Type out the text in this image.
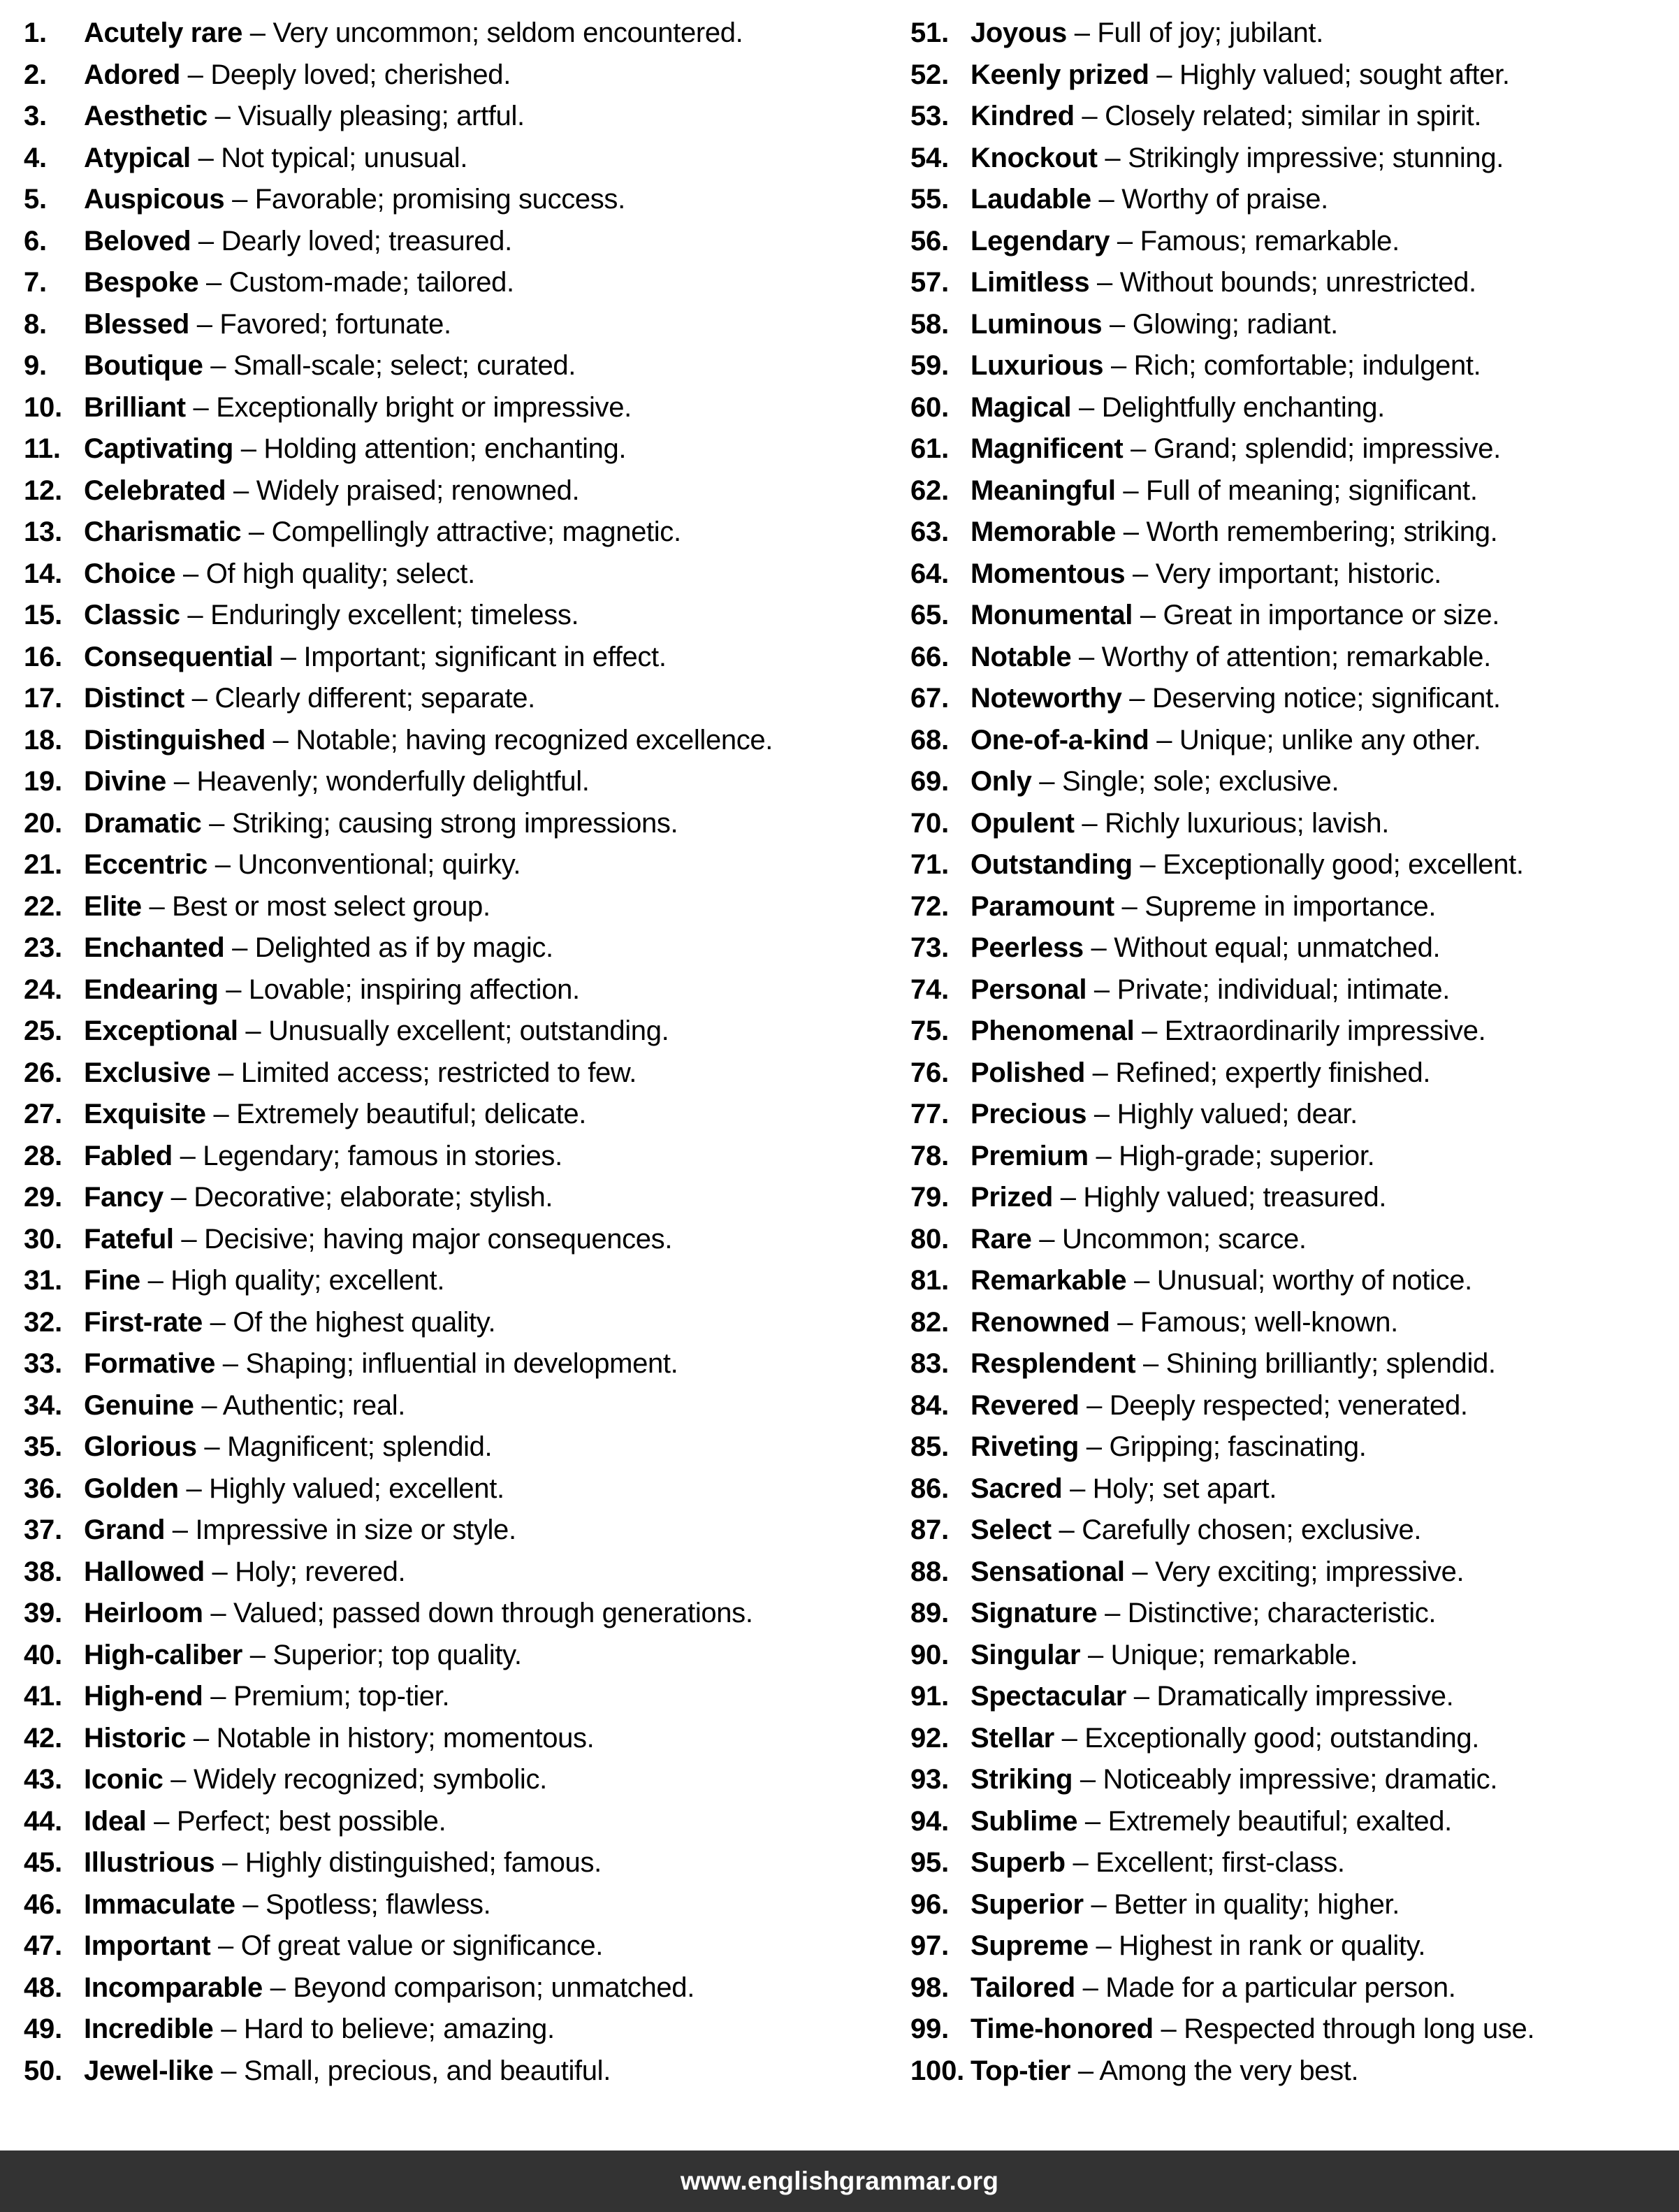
1.	Acutely rare – Very uncommon; seldom encountered.
2.	Adored – Deeply loved; cherished.
3.	Aesthetic – Visually pleasing; artful.
4.	Atypical – Not typical; unusual.
5.	Auspicous – Favorable; promising success.
6.	Beloved – Dearly loved; treasured.
7.	Bespoke – Custom-made; tailored.
8.	Blessed – Favored; fortunate.
9.	Boutique – Small-scale; select; curated.
10. Brilliant – Exceptionally bright or impressive.
11. Captivating – Holding attention; enchanting.
12. Celebrated – Widely praised; renowned.
13. Charismatic – Compellingly attractive; magnetic.
14. Choice – Of high quality; select.
15. Classic – Enduringly excellent; timeless.
16. Consequential – Important; significant in effect.
17. Distinct – Clearly different; separate.
18. Distinguished – Notable; having recognized excellence.
19. Divine – Heavenly; wonderfully delightful.
20. Dramatic – Striking; causing strong impressions.
21. Eccentric – Unconventional; quirky.
22. Elite – Best or most select group.
23. Enchanted – Delighted as if by magic.
24. Endearing – Lovable; inspiring affection.
25. Exceptional – Unusually excellent; outstanding.
26. Exclusive – Limited access; restricted to few.
27. Exquisite – Extremely beautiful; delicate.
28. Fabled – Legendary; famous in stories.
29. Fancy – Decorative; elaborate; stylish.
30. Fateful – Decisive; having major consequences.
31. Fine – High quality; excellent.
32. First-rate – Of the highest quality.
33. Formative – Shaping; influential in development.
34. Genuine – Authentic; real.
35. Glorious – Magnificent; splendid.
36. Golden – Highly valued; excellent.
37. Grand – Impressive in size or style.
38. Hallowed – Holy; revered.
39. Heirloom – Valued; passed down through generations.
40. High-caliber – Superior; top quality.
41. High-end – Premium; top-tier.
42. Historic – Notable in history; momentous.
43. Iconic – Widely recognized; symbolic.
44. Ideal – Perfect; best possible.
45. Illustrious – Highly distinguished; famous.
46. Immaculate – Spotless; flawless.
47. Important – Of great value or significance.
48. Incomparable – Beyond comparison; unmatched.
49. Incredible – Hard to believe; amazing.
50. Jewel-like – Small, precious, and beautiful.
51. Joyous – Full of joy; jubilant.
52. Keenly prized – Highly valued; sought after.
53. Kindred – Closely related; similar in spirit.
54. Knockout – Strikingly impressive; stunning.
55. Laudable – Worthy of praise.
56. Legendary – Famous; remarkable.
57. Limitless – Without bounds; unrestricted.
58. Luminous – Glowing; radiant.
59. Luxurious – Rich; comfortable; indulgent.
60. Magical – Delightfully enchanting.
61. Magnificent – Grand; splendid; impressive.
62. Meaningful – Full of meaning; significant.
63. Memorable – Worth remembering; striking.
64. Momentous – Very important; historic.
65. Monumental – Great in importance or size.
66. Notable – Worthy of attention; remarkable.
67. Noteworthy – Deserving notice; significant.
68. One-of-a-kind – Unique; unlike any other.
69. Only – Single; sole; exclusive.
70. Opulent – Richly luxurious; lavish.
71. Outstanding – Exceptionally good; excellent.
72. Paramount – Supreme in importance.
73. Peerless – Without equal; unmatched.
74. Personal – Private; individual; intimate.
75. Phenomenal – Extraordinarily impressive.
76. Polished – Refined; expertly finished.
77. Precious – Highly valued; dear.
78. Premium – High-grade; superior.
79. Prized – Highly valued; treasured.
80. Rare – Uncommon; scarce.
81. Remarkable – Unusual; worthy of notice.
82. Renowned – Famous; well-known.
83. Resplendent – Shining brilliantly; splendid.
84. Revered – Deeply respected; venerated.
85. Riveting – Gripping; fascinating.
86. Sacred – Holy; set apart.
87. Select – Carefully chosen; exclusive.
88. Sensational – Very exciting; impressive.
89. Signature – Distinctive; characteristic.
90. Singular – Unique; remarkable.
91. Spectacular – Dramatically impressive.
92. Stellar – Exceptionally good; outstanding.
93. Striking – Noticeably impressive; dramatic.
94. Sublime – Extremely beautiful; exalted.
95. Superb – Excellent; first-class.
96. Superior – Better in quality; higher.
97. Supreme – Highest in rank or quality.
98. Tailored – Made for a particular person.
99. Time-honored – Respected through long use.
100. Top-tier – Among the very best.
www.englishgrammar.org
